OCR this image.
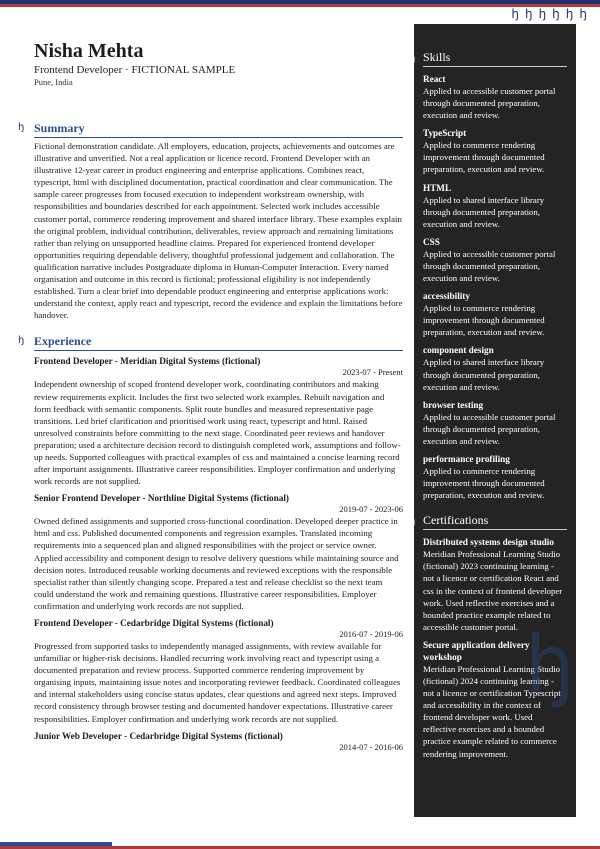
ꜧ ꜧ ꜧ ꜧ ꜧ ꜧ
Nisha Mehta
Frontend Developer · FICTIONAL SAMPLE
Pune, India
ꜧ Summary
Fictional demonstration candidate. All employers, education, projects, achievements and outcomes are illustrative and unverified. Not a real application or licence record. Frontend Developer with an illustrative 12-year career in product engineering and enterprise applications. Combines react, typescript, html with disciplined documentation, practical coordination and clear communication. The sample career progresses from focused execution to independent workstream ownership, with responsibilities and boundaries described for each appointment. Selected work includes accessible customer portal, commerce rendering improvement and shared interface library. These examples explain the original problem, individual contribution, deliverables, review approach and remaining limitations rather than relying on unsupported headline claims. Prepared for experienced frontend developer opportunities requiring dependable delivery, thoughtful professional judgement and collaboration. The qualification narrative includes Postgraduate diploma in Human-Computer Interaction. Every named organisation and outcome in this record is fictional; professional eligibility is not independently established. Turn a clear brief into dependable product engineering and enterprise applications work: understand the context, apply react and typescript, record the evidence and explain the limitations before handover.
ꜧ Experience
Frontend Developer - Meridian Digital Systems (fictional)
2023-07 - Present
Independent ownership of scoped frontend developer work, coordinating contributors and making review requirements explicit. Includes the first two selected work examples. Rebuilt navigation and form feedback with semantic components. Split route bundles and measured representative page transitions. Led brief clarification and prioritised work using react, typescript and html. Raised unresolved constraints before committing to the next stage. Coordinated peer reviews and handover preparation; used a architecture decision record to distinguish completed work, assumptions and follow-up needs. Supported colleagues with practical examples of css and maintained a concise learning record after important assignments. Illustrative career responsibilities. Employer confirmation and underlying work records are not supplied.
Senior Frontend Developer - Northline Digital Systems (fictional)
2019-07 - 2023-06
Owned defined assignments and supported cross-functional coordination. Developed deeper practice in html and css. Published documented components and regression examples. Translated incoming requirements into a sequenced plan and aligned responsibilities with the project or service owner. Applied accessibility and component design to resolve delivery questions while maintaining source and decision notes. Introduced reusable working documents and reviewed exceptions with the responsible specialist rather than silently changing scope. Prepared a test and release checklist so the next team could understand the work and remaining questions. Illustrative career responsibilities. Employer confirmation and underlying work records are not supplied.
Frontend Developer - Cedarbridge Digital Systems (fictional)
2016-07 - 2019-06
Progressed from supported tasks to independently managed assignments, with review available for unfamiliar or higher-risk decisions. Handled recurring work involving react and typescript using a documented preparation and review process. Supported commerce rendering improvement by organising inputs, maintaining issue notes and incorporating reviewer feedback. Coordinated colleagues and internal stakeholders using concise status updates, clear questions and agreed next steps. Improved record consistency through browser testing and documented handover expectations. Illustrative career responsibilities. Employer confirmation and underlying work records are not supplied.
Junior Web Developer - Cedarbridge Digital Systems (fictional)
2014-07 - 2016-06
ꜧ Skills
React
Applied to accessible customer portal through documented preparation, execution and review.
TypeScript
Applied to commerce rendering improvement through documented preparation, execution and review.
HTML
Applied to shared interface library through documented preparation, execution and review.
CSS
Applied to accessible customer portal through documented preparation, execution and review.
accessibility
Applied to commerce rendering improvement through documented preparation, execution and review.
component design
Applied to shared interface library through documented preparation, execution and review.
browser testing
Applied to accessible customer portal through documented preparation, execution and review.
performance profiling
Applied to commerce rendering improvement through documented preparation, execution and review.
ꜧ Certifications
Distributed systems design studio
Meridian Professional Learning Studio (fictional) 2023 continuing learning - not a licence or certification React and css in the context of frontend developer work. Used reflective exercises and a bounded practice example related to accessible customer portal.
Secure application delivery workshop
Meridian Professional Learning Studio (fictional) 2024 continuing learning - not a licence or certification Typescript and accessibility in the context of frontend developer work. Used reflective exercises and a bounded practice example related to commerce rendering improvement.
ꜧ
